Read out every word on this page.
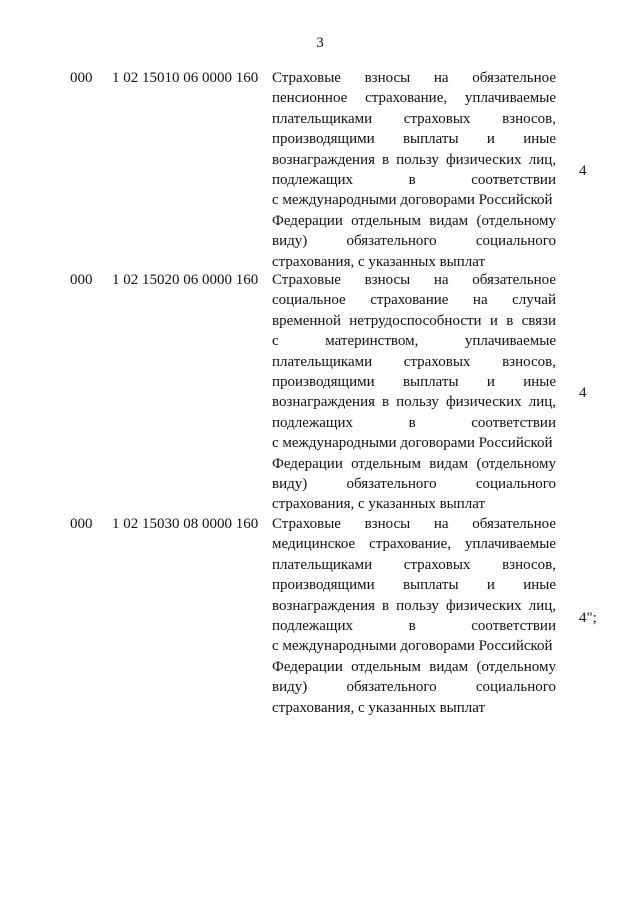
3
000 1 02 15010 06 0000 160 Страховые взносы на обязательное
пенсионное страхование, уплачиваемые
плательщиками страховых взносов,
производящими выплаты и иные
вознаграждения в пользу физических лиц,
подлежащих	в	соответствии
с международными договорами Российской
Федерации отдельным видам (отдельному
виду)	обязательного	социального
страхования, с указанных выплат
4
000 1 02 15020 06 0000 160 Страховые взносы на обязательное
социальное страхование на случай
временной нетрудоспособности и в связи
с	материнством,	уплачиваемые
плательщиками страховых взносов,
производящими выплаты и иные
вознаграждения в пользу физических лиц,
подлежащих	в	соответствии
с международными договорами Российской
Федерации отдельным видам (отдельному
виду)	обязательного	социального
страхования, с указанных выплат
4
000 1 02 15030 08 0000 160 Страховые взносы на обязательное
медицинское страхование, уплачиваемые
плательщиками страховых взносов,
производящими выплаты и иные
вознаграждения в пользу физических лиц,
подлежащих	в	соответствии
с международными договорами Российской
Федерации отдельным видам (отдельному
виду)	обязательного	социального
страхования, с указанных выплат
4";
